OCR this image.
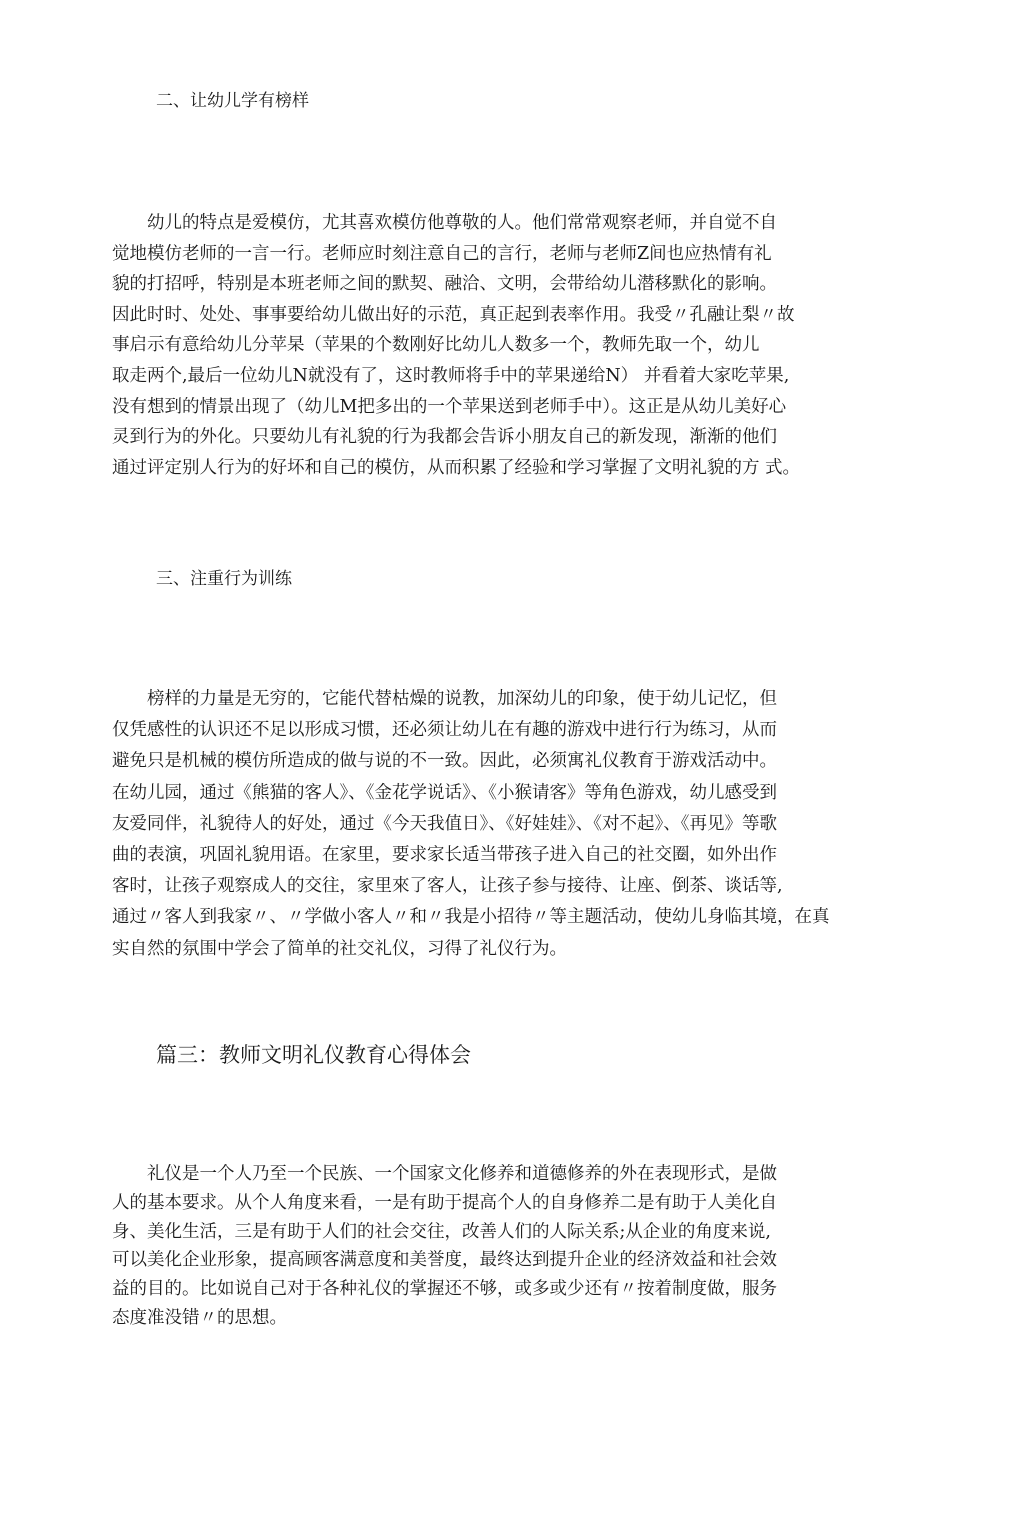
二、让幼儿学有榜样
　　幼儿的特点是爱模仿，尤其喜欢模仿他尊敬的人。他们常常观察老师，并自觉不自
觉地模仿老师的一言一行。老师应时刻注意自己的言行，老师与老师Z间也应热情有礼
貌的打招呼，特别是本班老师之间的默契、融洽、文明，会带给幼儿潜移默化的影响。
因此时时、处处、事事要给幼儿做出好的示范，真正起到表率作用。我受〃孔融让梨〃故
事启示有意给幼儿分苹杲（苹果的个数刚好比幼儿人数多一个，教师先取一个，幼儿
取走两个,最后一位幼儿N就没有了，这时教师将手中的苹果递给N） 并看着大家吃苹果,
没有想到的情景出现了（幼儿M把多出的一个苹果送到老师手中）。这正是从幼儿美好心
灵到行为的外化。只要幼儿有礼貌的行为我都会告诉小朋友自己的新发现，渐渐的他们
通过评定别人行为的好坏和自己的模仿，从而积累了经验和学习掌握了文明礼貌的方 式。
三、注重行为训练
　　榜样的力量是无穷的，它能代替枯燥的说教，加深幼儿的印象，使于幼儿记忆，但
仅凭感性的认识还不足以形成习惯，还必须让幼儿在有趣的游戏中进行行为练习，从而
避免只是机械的模仿所造成的做与说的不一致。因此，必须寓礼仪教育于游戏活动中。
在幼儿园，通过《熊猫的客人》、《金花学说话》、《小猴请客》等角色游戏，幼儿感受到
友爱同伴，礼貌待人的好处，通过《今天我值日》、《好娃娃》、《对不起》、《再见》等歌
曲的表演，巩固礼貌用语。在家里，要求家长适当带孩子进入自己的社交圈，如外出作
客时，让孩子观察成人的交往，家里來了客人，让孩子参与接待、让座、倒茶、谈话等,
通过〃客人到我家〃、〃学做小客人〃和〃我是小招待〃等主题活动，使幼儿身临其境，在真
实自然的氛围中学会了简单的社交礼仪，习得了礼仪行为。
篇三：教师文明礼仪教育心得体会
　　礼仪是一个人乃至一个民族、一个国家文化修养和道德修养的外在表现形式，是做
人的基本要求。从个人角度来看，一是有助于提高个人的自身修养二是有助于人美化自
身、美化生活，三是有助于人们的社会交往，改善人们的人际关系;从企业的角度来说,
可以美化企业形象，提高顾客满意度和美誉度，最终达到提升企业的经济效益和社会效
益的目的。比如说自己对于各种礼仪的掌握还不够，或多或少还有〃按着制度做，服务
态度准没错〃的思想。
